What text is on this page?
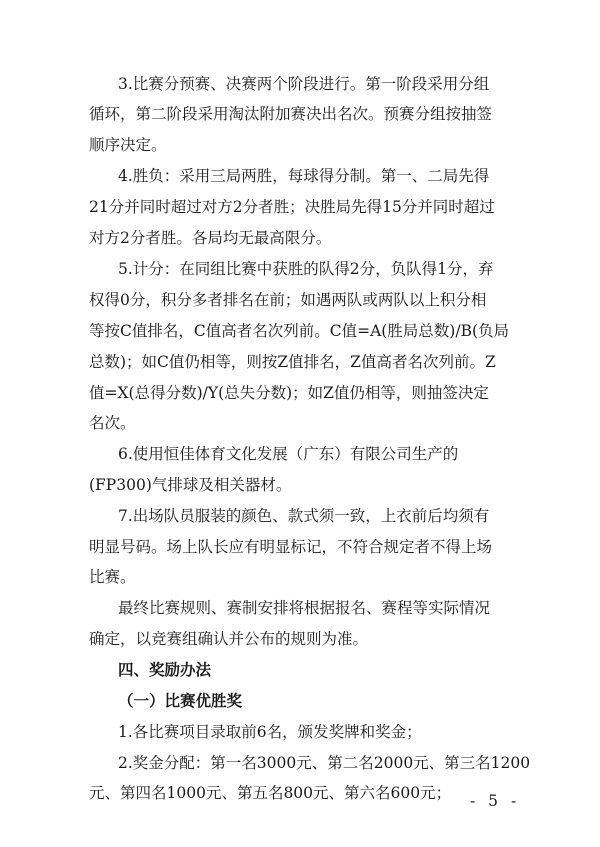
3.比赛分预赛、决赛两个阶段进行。第一阶段采用分组
循环，第二阶段采用淘汰附加赛决出名次。预赛分组按抽签
顺序决定。
4.胜负：采用三局两胜，每球得分制。第一、二局先得
21分并同时超过对方2分者胜；决胜局先得15分并同时超过
对方2分者胜。各局均无最高限分。
5.计分：在同组比赛中获胜的队得2分，负队得1分，弃
权得0分，积分多者排名在前；如遇两队或两队以上积分相
等按C值排名，C值高者名次列前。C值=A(胜局总数)/B(负局
总数)；如C值仍相等，则按Z值排名，Z值高者名次列前。Z
值=X(总得分数)/Y(总失分数)；如Z值仍相等，则抽签决定
名次。
6.使用恒佳体育文化发展（广东）有限公司生产的
(FP300)气排球及相关器材。
7.出场队员服装的颜色、款式须一致，上衣前后均须有
明显号码。场上队长应有明显标记，不符合规定者不得上场
比赛。
最终比赛规则、赛制安排将根据报名、赛程等实际情况
确定，以竞赛组确认并公布的规则为准。
四、奖励办法
（一）比赛优胜奖
1.各比赛项目录取前6名，颁发奖牌和奖金；
2.奖金分配：第一名3000元、第二名2000元、第三名1200
元、第四名1000元、第五名800元、第六名600元； - 5 -
